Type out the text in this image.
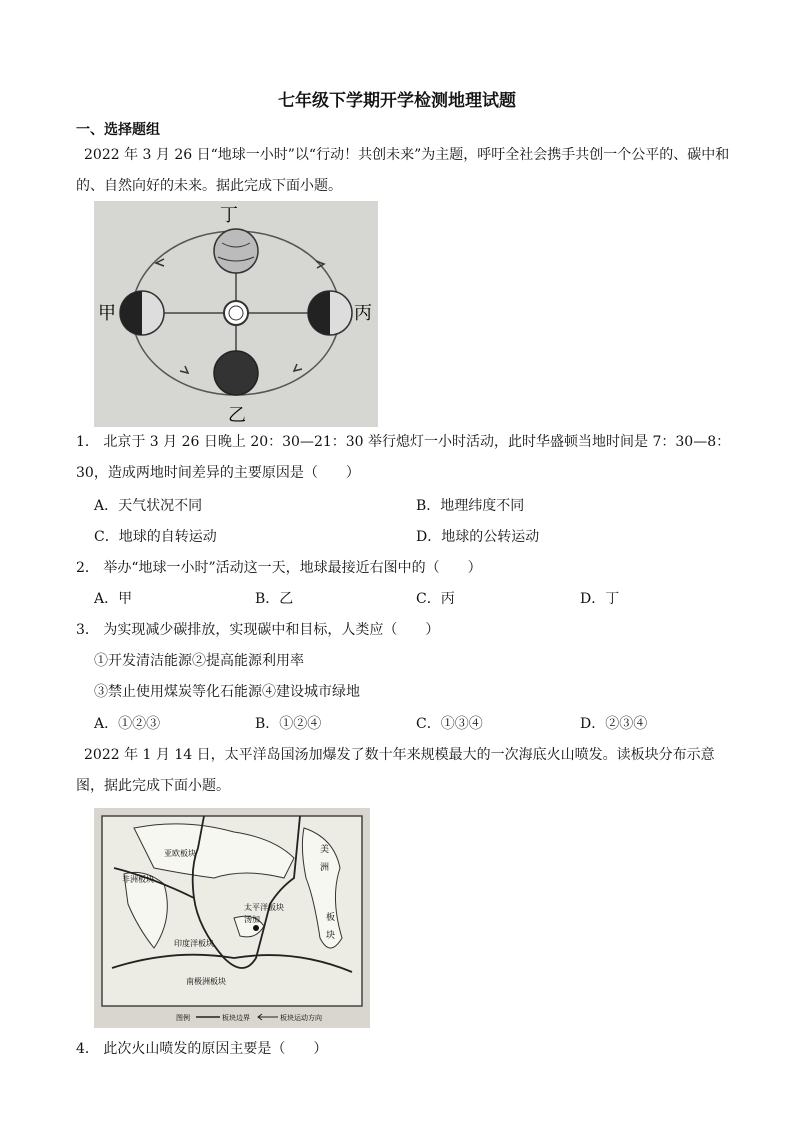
七年级下学期开学检测地理试题
一、选择题组
2022 年 3 月 26 日“地球一小时”以“行动！共创未来”为主题，呼吁全社会携手共创一个公平的、碳中和的、自然向好的未来。据此完成下面小题。
丁
甲	丙
乙
1． 北京于 3 月 26 日晚上 20：30—21：30 举行熄灯一小时活动，此时华盛顿当地时间是 7：30—8：30，造成两地时间差异的主要原因是（　　）
A．天气状况不同	B．地理纬度不同
C．地球的自转运动	D．地球的公转运动
2． 举办“地球一小时”活动这一天，地球最接近右图中的（　　）
A．甲	B．乙	C．丙	D．丁
3． 为实现减少碳排放，实现碳中和目标，人类应（　　）
①开发清洁能源②提高能源利用率
③禁止使用煤炭等化石能源④建设城市绿地
A．①②③	B．①②④	C．①③④	D．②③④
2022 年 1 月 14 日，太平洋岛国汤加爆发了数十年来规模最大的一次海底火山喷发。读板块分布示意图，据此完成下面小题。
亚欧板块
非洲板块
太平洋板块
汤加
印度洋板块
南极洲板块
美
洲
板
块
图例	板块边界	板块运动方向
4． 此次火山喷发的原因主要是（　　）
